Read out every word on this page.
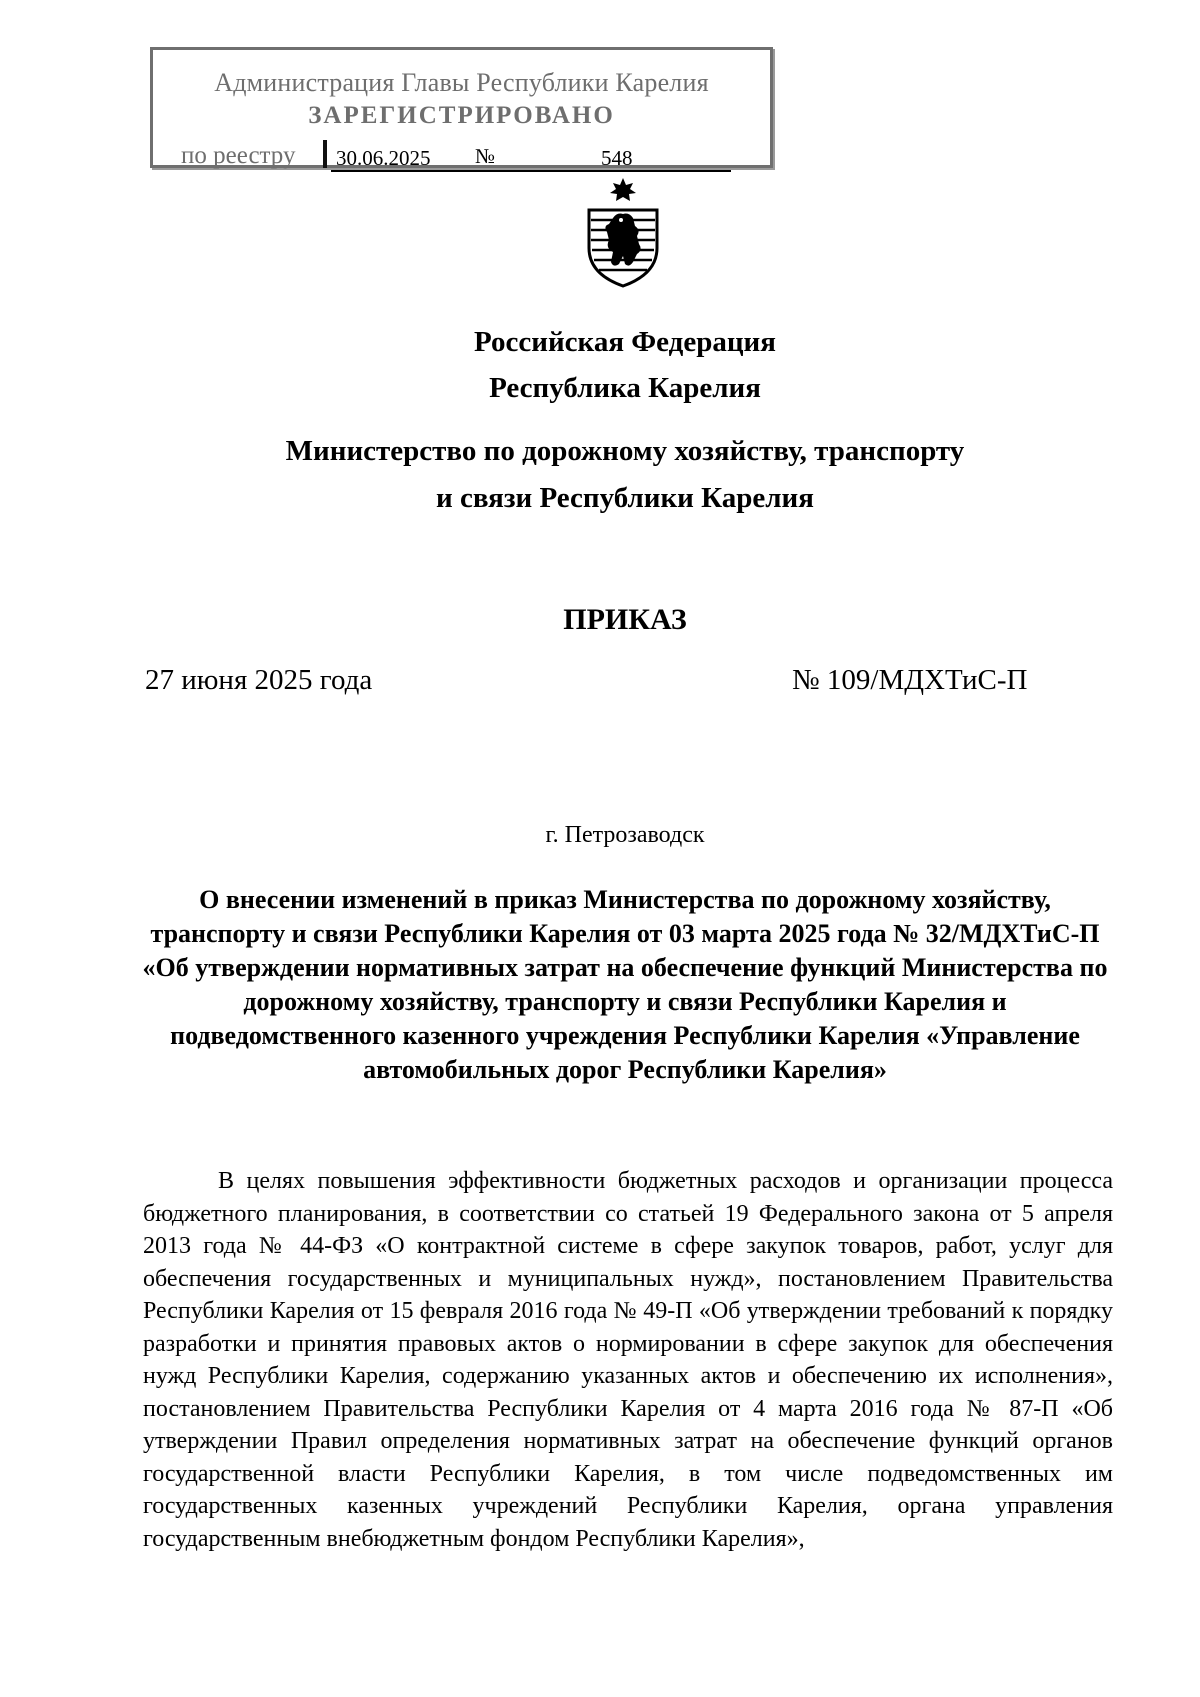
Администрация Главы Республики Карелия
ЗАРЕГИСТРИРОВАНО
по реестру 30.06.2025 №	548
Российская Федерация
Республика Карелия
Министерство по дорожному хозяйству, транспорту
и связи Республики Карелия
ПРИКАЗ
27 июня 2025 года	№ 109/МДХТиС-П
г. Петрозаводск
О внесении изменений в приказ Министерства по дорожному хозяйству, транспорту и связи Республики Карелия от 03 марта 2025 года № 32/МДХТиС-П «Об утверждении нормативных затрат на обеспечение функций Министерства по дорожному хозяйству, транспорту и связи Республики Карелия и подведомственного казенного учреждения Республики Карелия «Управление автомобильных дорог Республики Карелия»

В целях повышения эффективности бюджетных расходов и организации процесса бюджетного планирования, в соответствии со статьей 19 Федерального закона от 5 апреля 2013 года № 44-ФЗ «О контрактной системе в сфере закупок товаров, работ, услуг для обеспечения государственных и муниципальных нужд», постановлением Правительства Республики Карелия от 15 февраля 2016 года № 49-П «Об утверждении требований к порядку разработки и принятия правовых актов о нормировании в сфере закупок для обеспечения нужд Республики Карелия, содержанию указанных актов и обеспечению их исполнения», постановлением Правительства Республики Карелия от 4 марта 2016 года № 87-П «Об утверждении Правил определения нормативных затрат на обеспечение функций органов государственной власти Республики Карелия, в том числе подведомственных им государственных казенных учреждений Республики Карелия, органа управления государственным внебюджетным фондом Республики Карелия»,
